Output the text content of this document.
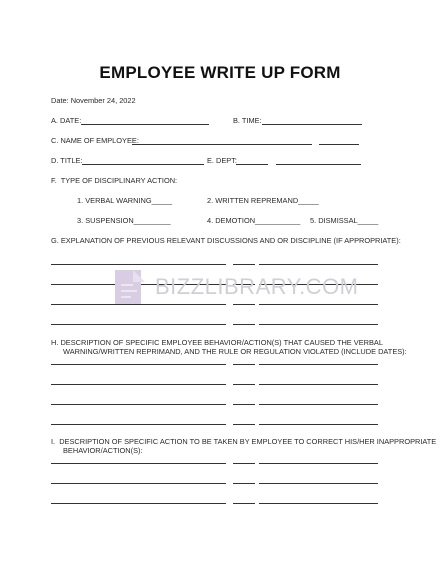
EMPLOYEE WRITE UP FORM
Date: November 24, 2022
A. DATE:	B. TIME:
C. NAME OF EMPLOYEE:
D. TITLE:	E. DEPT:
F.  TYPE OF DISCIPLINARY ACTION:
1. VERBAL WARNING_____	2. WRITTEN REPREMAND_____
3. SUSPENSION_________	4. DEMOTION___________ 5. DISMISSAL_____
G. EXPLANATION OF PREVIOUS RELEVANT DISCUSSIONS AND OR DISCIPLINE (IF APPROPRIATE):
H. DESCRIPTION OF SPECIFIC EMPLOYEE BEHAVIOR/ACTION(S) THAT CAUSED THE VERBAL
WARNING/WRITTEN REPRIMAND, AND THE RULE OR REGULATION VIOLATED (INCLUDE DATES):
I.  DESCRIPTION OF SPECIFIC ACTION TO BE TAKEN BY EMPLOYEE TO CORRECT HIS/HER INAPPROPRIATE
BEHAVIOR/ACTION(S):
BIZZLIBRARY.COM
